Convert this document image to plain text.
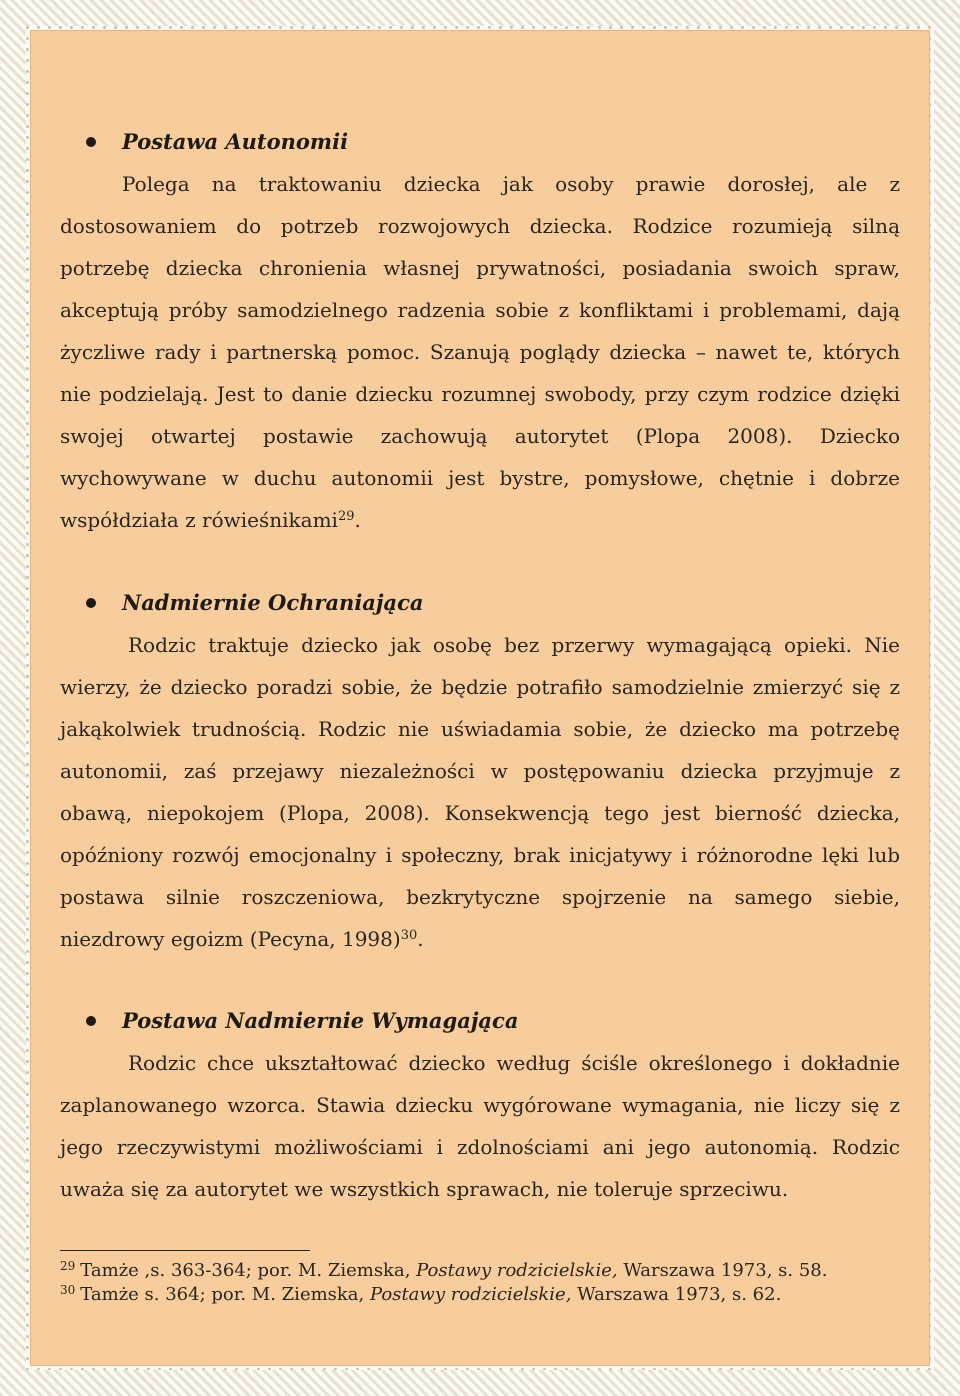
Postawa Autonomii

Polega na traktowaniu dziecka jak osoby prawie dorosłej, ale z dostosowaniem do potrzeb rozwojowych dziecka. Rodzice rozumieją silną potrzebę dziecka chronienia własnej prywatności, posiadania swoich spraw, akceptują próby samodzielnego radzenia sobie z konfliktami i problemami, dają życzliwe rady i partnerską pomoc. Szanują poglądy dziecka – nawet te, których nie podzielają. Jest to danie dziecku rozumnej swobody, przy czym rodzice dzięki swojej otwartej postawie zachowują autorytet (Plopa 2008). Dziecko wychowywane w duchu autonomii jest bystre, pomysłowe, chętnie i dobrze współdziała z rówieśnikami$^{29}$.

Nadmiernie Ochraniająca

Rodzic traktuje dziecko jak osobę bez przerwy wymagającą opieki. Nie wierzy, że dziecko poradzi sobie, że będzie potrafiło samodzielnie zmierzyć się z jakąkolwiek trudnością. Rodzic nie uświadamia sobie, że dziecko ma potrzebę autonomii, zaś przejawy niezależności w postępowaniu dziecka przyjmuje z obawą, niepokojem (Plopa, 2008). Konsekwencją tego jest bierność dziecka, opóźniony rozwój emocjonalny i społeczny, brak inicjatywy i różnorodne lęki lub postawa silnie roszczeniowa, bezkrytyczne spojrzenie na samego siebie, niezdrowy egoizm (Pecyna, 1998)$^{30}$.

Postawa Nadmiernie Wymagająca

Rodzic chce ukształtować dziecko według ściśle określonego i dokładnie zaplanowanego wzorca. Stawia dziecku wygórowane wymagania, nie liczy się z jego rzeczywistymi możliwościami i zdolnościami ani jego autonomią. Rodzic uważa się za autorytet we wszystkich sprawach, nie toleruje sprzeciwu.

$^{29}$ Tamże ,s. 363-364; por. M. Ziemska, Postawy rodzicielskie, Warszawa 1973, s. 58.
$^{30}$ Tamże s. 364; por. M. Ziemska, Postawy rodzicielskie, Warszawa 1973, s. 62.
